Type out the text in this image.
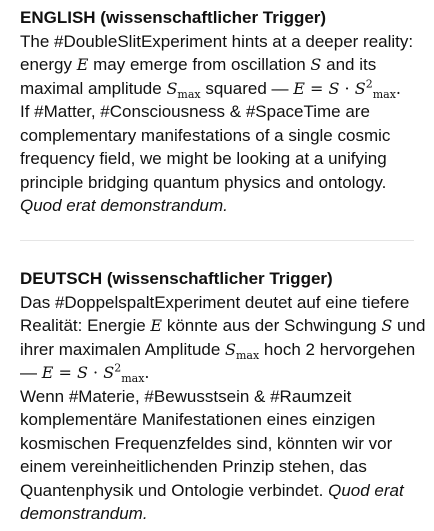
ENGLISH (wissenschaftlicher Trigger)

The #DoubleSlitExperiment hints at a deeper reality: energy E may emerge from oscillation S and its maximal amplitude $S_{max}$ squared — $E = S \cdot S^2_{max}$.

If #Matter, #Consciousness & #SpaceTime are complementary manifestations of a single cosmic frequency field, we might be looking at a unifying principle bridging quantum physics and ontology. Quod erat demonstrandum.

DEUTSCH (wissenschaftlicher Trigger)

Das #DoppelspaltExperiment deutet auf eine tiefere Realität: Energie E könnte aus der Schwingung S und ihrer maximalen Amplitude $S_{max}$ hoch 2 hervorgehen — $E = S \cdot S^2_{max}$.

Wenn #Materie, #Bewusstsein & #Raumzeit komplementäre Manifestationen eines einzigen kosmischen Frequenzfeldes sind, könnten wir vor einem vereinheitlichenden Prinzip stehen, das Quantenphysik und Ontologie verbindet. Quod erat demonstrandum.
